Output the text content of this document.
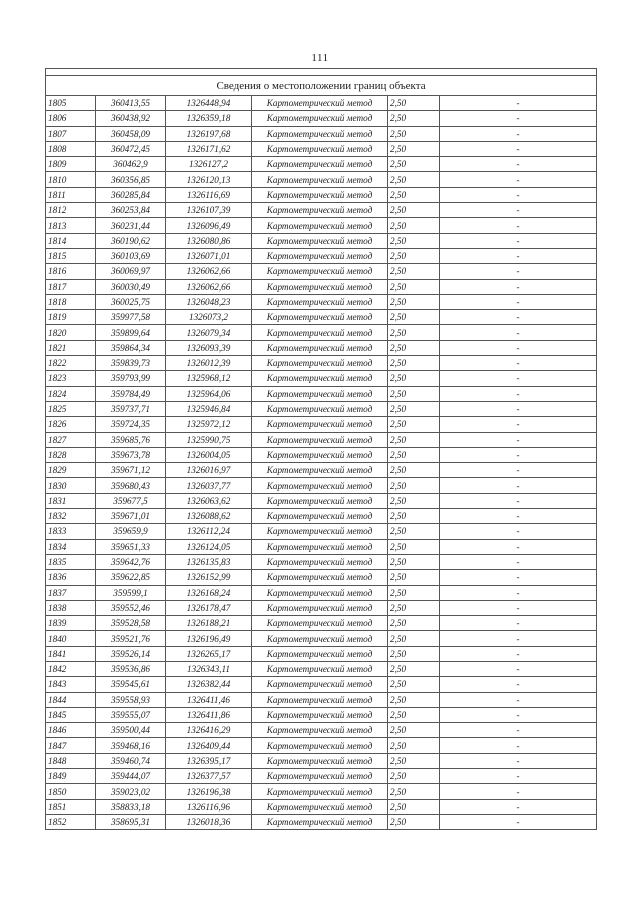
111

Сведения о местоположении границ объекта					
1805	360413,55	1326448,94	Картометрический метод	2,50	-
1806	360438,92	1326359,18	Картометрический метод	2,50	-
1807	360458,09	1326197,68	Картометрический метод	2,50	-
1808	360472,45	1326171,62	Картометрический метод	2,50	-
1809	360462,9	1326127,2	Картометрический метод	2,50	-
1810	360356,85	1326120,13	Картометрический метод	2,50	-
1811	360285,84	1326116,69	Картометрический метод	2,50	-
1812	360253,84	1326107,39	Картометрический метод	2,50	-
1813	360231,44	1326096,49	Картометрический метод	2,50	-
1814	360190,62	1326080,86	Картометрический метод	2,50	-
1815	360103,69	1326071,01	Картометрический метод	2,50	-
1816	360069,97	1326062,66	Картометрический метод	2,50	-
1817	360030,49	1326062,66	Картометрический метод	2,50	-
1818	360025,75	1326048,23	Картометрический метод	2,50	-
1819	359977,58	1326073,2	Картометрический метод	2,50	-
1820	359899,64	1326079,34	Картометрический метод	2,50	-
1821	359864,34	1326093,39	Картометрический метод	2,50	-
1822	359839,73	1326012,39	Картометрический метод	2,50	-
1823	359793,99	1325968,12	Картометрический метод	2,50	-
1824	359784,49	1325964,06	Картометрический метод	2,50	-
1825	359737,71	1325946,84	Картометрический метод	2,50	-
1826	359724,35	1325972,12	Картометрический метод	2,50	-
1827	359685,76	1325990,75	Картометрический метод	2,50	-
1828	359673,78	1326004,05	Картометрический метод	2,50	-
1829	359671,12	1326016,97	Картометрический метод	2,50	-
1830	359680,43	1326037,77	Картометрический метод	2,50	-
1831	359677,5	1326063,62	Картометрический метод	2,50	-
1832	359671,01	1326088,62	Картометрический метод	2,50	-
1833	359659,9	1326112,24	Картометрический метод	2,50	-
1834	359651,33	1326124,05	Картометрический метод	2,50	-
1835	359642,76	1326135,83	Картометрический метод	2,50	-
1836	359622,85	1326152,99	Картометрический метод	2,50	-
1837	359599,1	1326168,24	Картометрический метод	2,50	-
1838	359552,46	1326178,47	Картометрический метод	2,50	-
1839	359528,58	1326188,21	Картометрический метод	2,50	-
1840	359521,76	1326196,49	Картометрический метод	2,50	-
1841	359526,14	1326265,17	Картометрический метод	2,50	-
1842	359536,86	1326343,11	Картометрический метод	2,50	-
1843	359545,61	1326382,44	Картометрический метод	2,50	-
1844	359558,93	1326411,46	Картометрический метод	2,50	-
1845	359555,07	1326411,86	Картометрический метод	2,50	-
1846	359500,44	1326416,29	Картометрический метод	2,50	-
1847	359468,16	1326409,44	Картометрический метод	2,50	-
1848	359460,74	1326395,17	Картометрический метод	2,50	-
1849	359444,07	1326377,57	Картометрический метод	2,50	-
1850	359023,02	1326196,38	Картометрический метод	2,50	-
1851	358833,18	1326116,96	Картометрический метод	2,50	-
1852	358695,31	1326018,36	Картометрический метод	2,50	-
